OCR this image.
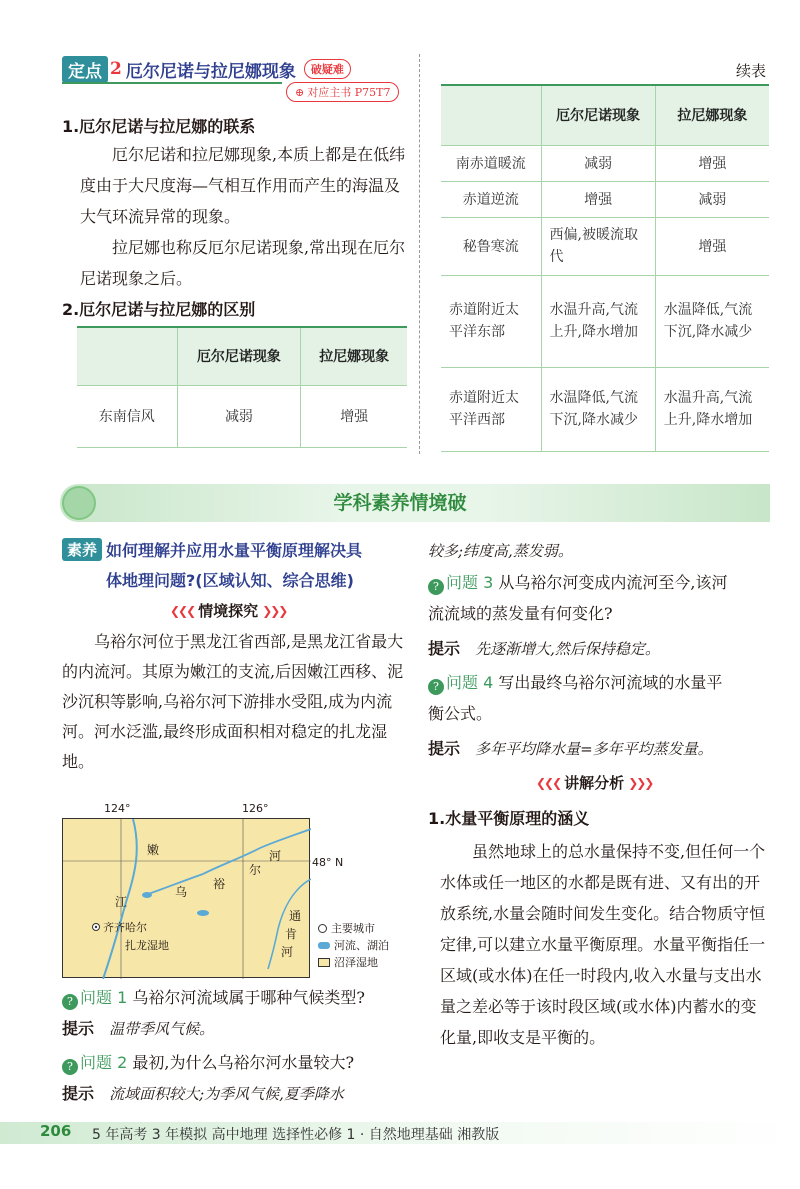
定点 2 厄尔尼诺与拉尼娜现象	破疑难
⊕ 对应主书 P75T7
1.厄尔尼诺与拉尼娜的联系
厄尔尼诺和拉尼娜现象,本质上都是在低纬度由于大尺度海—气相互作用而产生的海温及大气环流异常的现象。
拉尼娜也称反厄尔尼诺现象,常出现在厄尔尼诺现象之后。
2.厄尔尼诺与拉尼娜的区别
	厄尔尼诺现象	拉尼娜现象
东南信风	减弱	增强
续表
	厄尔尼诺现象	拉尼娜现象
南赤道暖流	减弱	增强
赤道逆流	增强	减弱
秘鲁寒流	西偏,被暖流取代	增强
赤道附近太平洋东部	水温升高,气流上升,降水增加	水温降低,气流下沉,降水减少
赤道附近太平洋西部	水温降低,气流下沉,降水减少	水温升高,气流上升,降水增加
学科素养情境破
素养 如何理解并应用水量平衡原理解决具
体地理问题?(区域认知、综合思维)
❮❮❮ 情境探究 ❯❯❯
乌裕尔河位于黑龙江省西部,是黑龙江省最大的内流河。其原为嫩江的支流,后因嫩江西移、泥沙沉积等影响,乌裕尔河下游排水受阻,成为内流河。河水泛滥,最终形成面积相对稳定的扎龙湿地。
124°	126°
嫩
江
乌
裕
尔
河
通
肯
河
齐齐哈尔
扎龙湿地
48° N
主要城市
河流、湖泊
沼泽湿地
? 问题 1 乌裕尔河流域属于哪种气候类型?
提示 温带季风气候。
? 问题 2 最初,为什么乌裕尔河水量较大?
提示 流域面积较大;为季风气候,夏季降水
较多;纬度高,蒸发弱。
? 问题 3 从乌裕尔河变成内流河至今,该河
流流域的蒸发量有何变化?
提示 先逐渐增大,然后保持稳定。
? 问题 4 写出最终乌裕尔河流域的水量平
衡公式。
提示 多年平均降水量=多年平均蒸发量。
❮❮❮ 讲解分析 ❯❯❯
1.水量平衡原理的涵义
虽然地球上的总水量保持不变,但任何一个水体或任一地区的水都是既有进、又有出的开放系统,水量会随时间发生变化。结合物质守恒定律,可以建立水量平衡原理。水量平衡指任一区域(或水体)在任一时段内,收入水量与支出水量之差必等于该时段区域(或水体)内蓄水的变化量,即收支是平衡的。
206 5 年高考 3 年模拟 高中地理 选择性必修 1 · 自然地理基础 湘教版
